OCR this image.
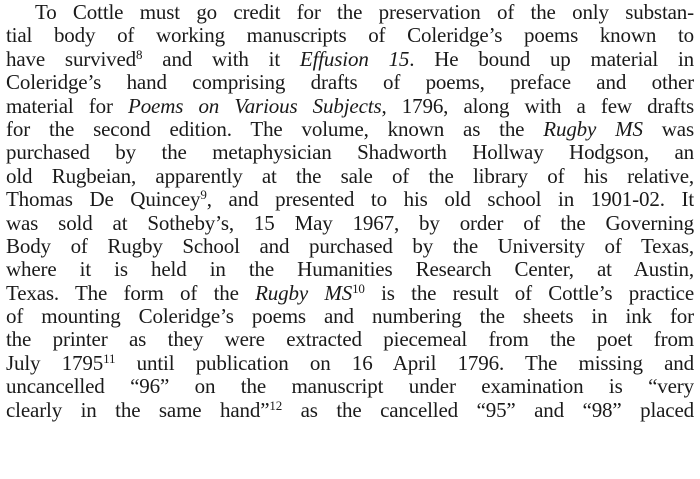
To Cottle must go credit for the preservation of the only substan-
tial body of working manuscripts of Coleridge’s poems known to
have survived$^8$ and with it Effusion 15. He bound up material in
Coleridge’s hand comprising drafts of poems, preface and other
material for Poems on Various Subjects, 1796, along with a few drafts
for the second edition. The volume, known as the Rugby MS was
purchased by the metaphysician Shadworth Hollway Hodgson, an
old Rugbeian, apparently at the sale of the library of his relative,
Thomas De Quincey$^9$, and presented to his old school in 1901-02. It
was sold at Sotheby’s, 15 May 1967, by order of the Governing
Body of Rugby School and purchased by the University of Texas,
where it is held in the Humanities Research Center, at Austin,
Texas. The form of the Rugby MS$^{10}$ is the result of Cottle’s practice
of mounting Coleridge’s poems and numbering the sheets in ink for
the printer as they were extracted piecemeal from the poet from
July 1795$^{11}$ until publication on 16 April 1796. The missing and
uncancelled “96” on the manuscript under examination is “very
clearly in the same hand”$^{12}$ as the cancelled “95” and “98” placed
